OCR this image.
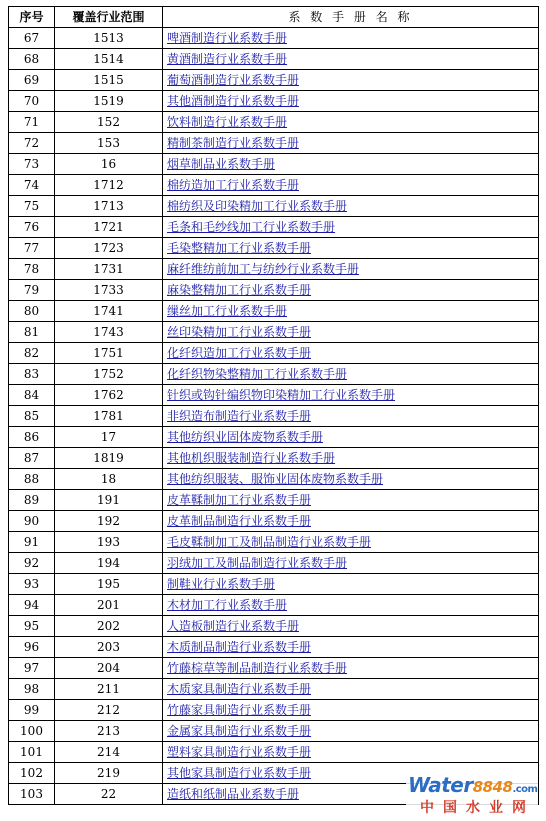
序号	覆盖行业范围	系 数 手 册 名 称
67	1513	啤酒制造行业系数手册
68	1514	黄酒制造行业系数手册
69	1515	葡萄酒制造行业系数手册
70	1519	其他酒制造行业系数手册
71	152	饮料制造行业系数手册
72	153	精制茶制造行业系数手册
73	16	烟草制品业系数手册
74	1712	棉纺造加工行业系数手册
75	1713	棉纺织及印染精加工行业系数手册
76	1721	毛条和毛纱线加工行业系数手册
77	1723	毛染整精加工行业系数手册
78	1731	麻纤维纺前加工与纺纱行业系数手册
79	1733	麻染整精加工行业系数手册
80	1741	缫丝加工行业系数手册
81	1743	丝印染精加工行业系数手册
82	1751	化纤织造加工行业系数手册
83	1752	化纤织物染整精加工行业系数手册
84	1762	针织或钩针编织物印染精加工行业系数手册
85	1781	非织造布制造行业系数手册
86	17	其他纺织业固体废物系数手册
87	1819	其他机织服装制造行业系数手册
88	18	其他纺织服装、服饰业固体废物系数手册
89	191	皮革鞣制加工行业系数手册
90	192	皮革制品制造行业系数手册
91	193	毛皮鞣制加工及制品制造行业系数手册
92	194	羽绒加工及制品制造行业系数手册
93	195	制鞋业行业系数手册
94	201	木材加工行业系数手册
95	202	人造板制造行业系数手册
96	203	木质制品制造行业系数手册
97	204	竹藤棕草等制品制造行业系数手册
98	211	木质家具制造行业系数手册
99	212	竹藤家具制造行业系数手册
100	213	金属家具制造行业系数手册
101	214	塑料家具制造行业系数手册
102	219	其他家具制造行业系数手册
103	22	造纸和纸制品业系数手册	Water8848.com
中国水业网
